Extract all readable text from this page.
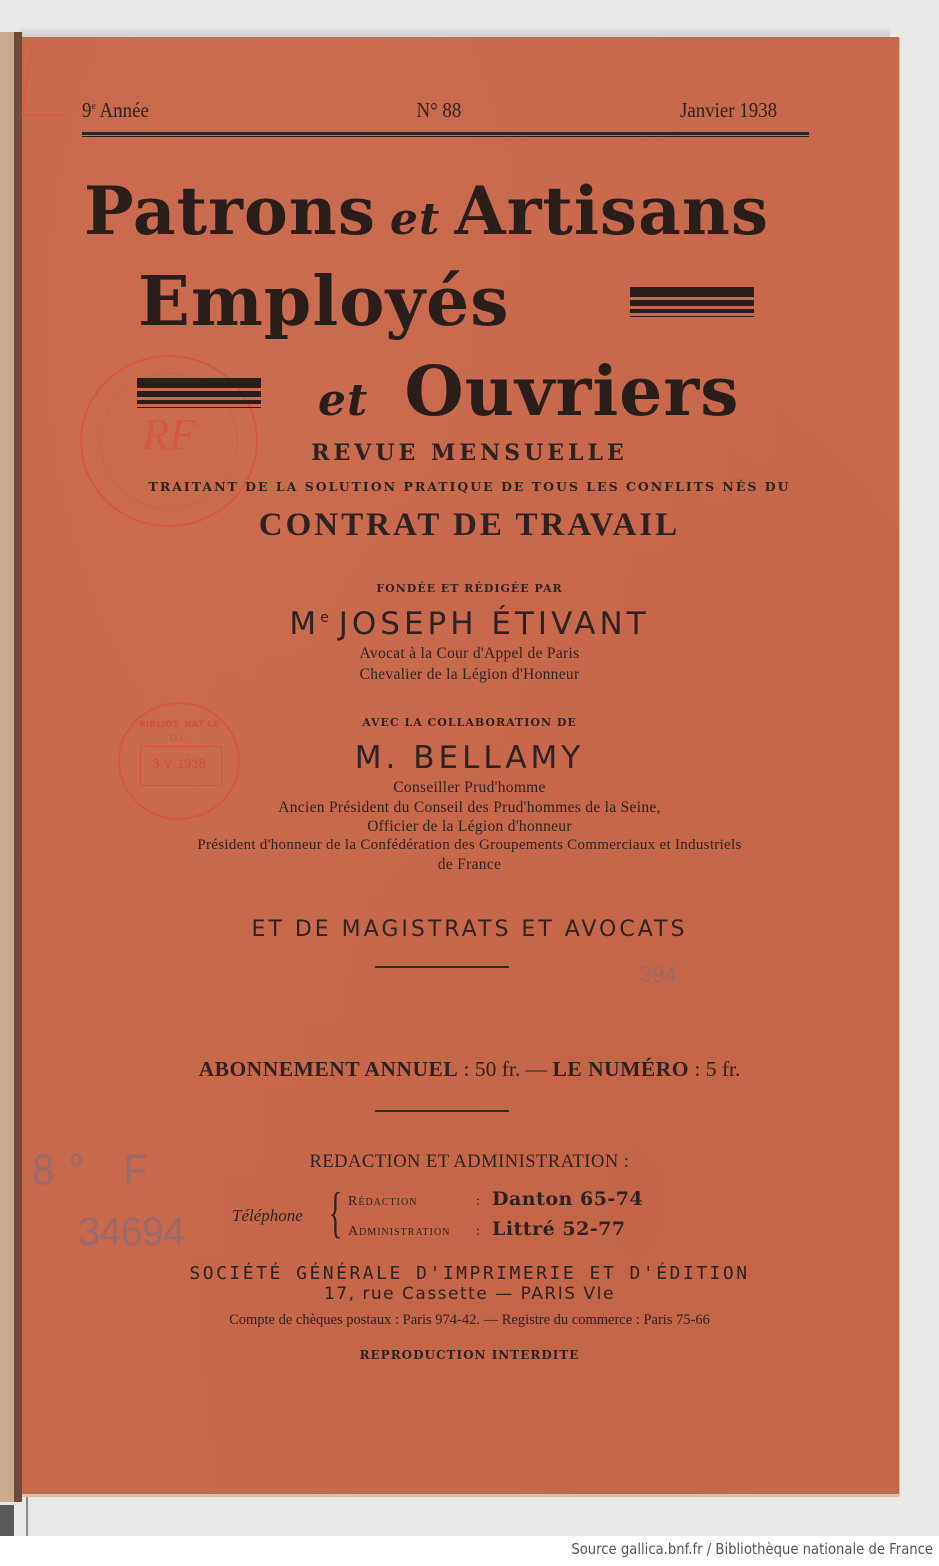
RF
BIBLIOT. NAT LE
D.L.
3·V·1938
9e Année	N° 88	Janvier 1938
Patrons et Artisans
Employés
et Ouvriers
REVUE MENSUELLE
TRAITANT DE LA SOLUTION PRATIQUE DE TOUS LES CONFLITS NÉS DU
CONTRAT DE TRAVAIL
FONDÉE ET RÉDIGÉE PAR
Me JOSEPH ÉTIVANT
Avocat à la Cour d'Appel de Paris
Chevalier de la Légion d'Honneur
AVEC LA COLLABORATION DE
M. BELLAMY
Conseiller Prud'homme
Ancien Président du Conseil des Prud'hommes de la Seine,
Officier de la Légion d'honneur
Président d'honneur de la Confédération des Groupements Commerciaux et Industriels
de France
ET DE MAGISTRATS ET AVOCATS
394
ABONNEMENT ANNUEL : 50 fr. — LE NUMÉRO : 5 fr.
REDACTION ET ADMINISTRATION :
Téléphone { Rédaction	: Danton 65-74
Administration : Littré 52-77
8° F
34694
SOCIÉTÉ GÉNÉRALE D'IMPRIMERIE ET D'ÉDITION
17, rue Cassette — PARIS VIe
Compte de chèques postaux : Paris 974-42. — Registre du commerce : Paris 75-66
REPRODUCTION INTERDITE
Source gallica.bnf.fr / Bibliothèque nationale de France
